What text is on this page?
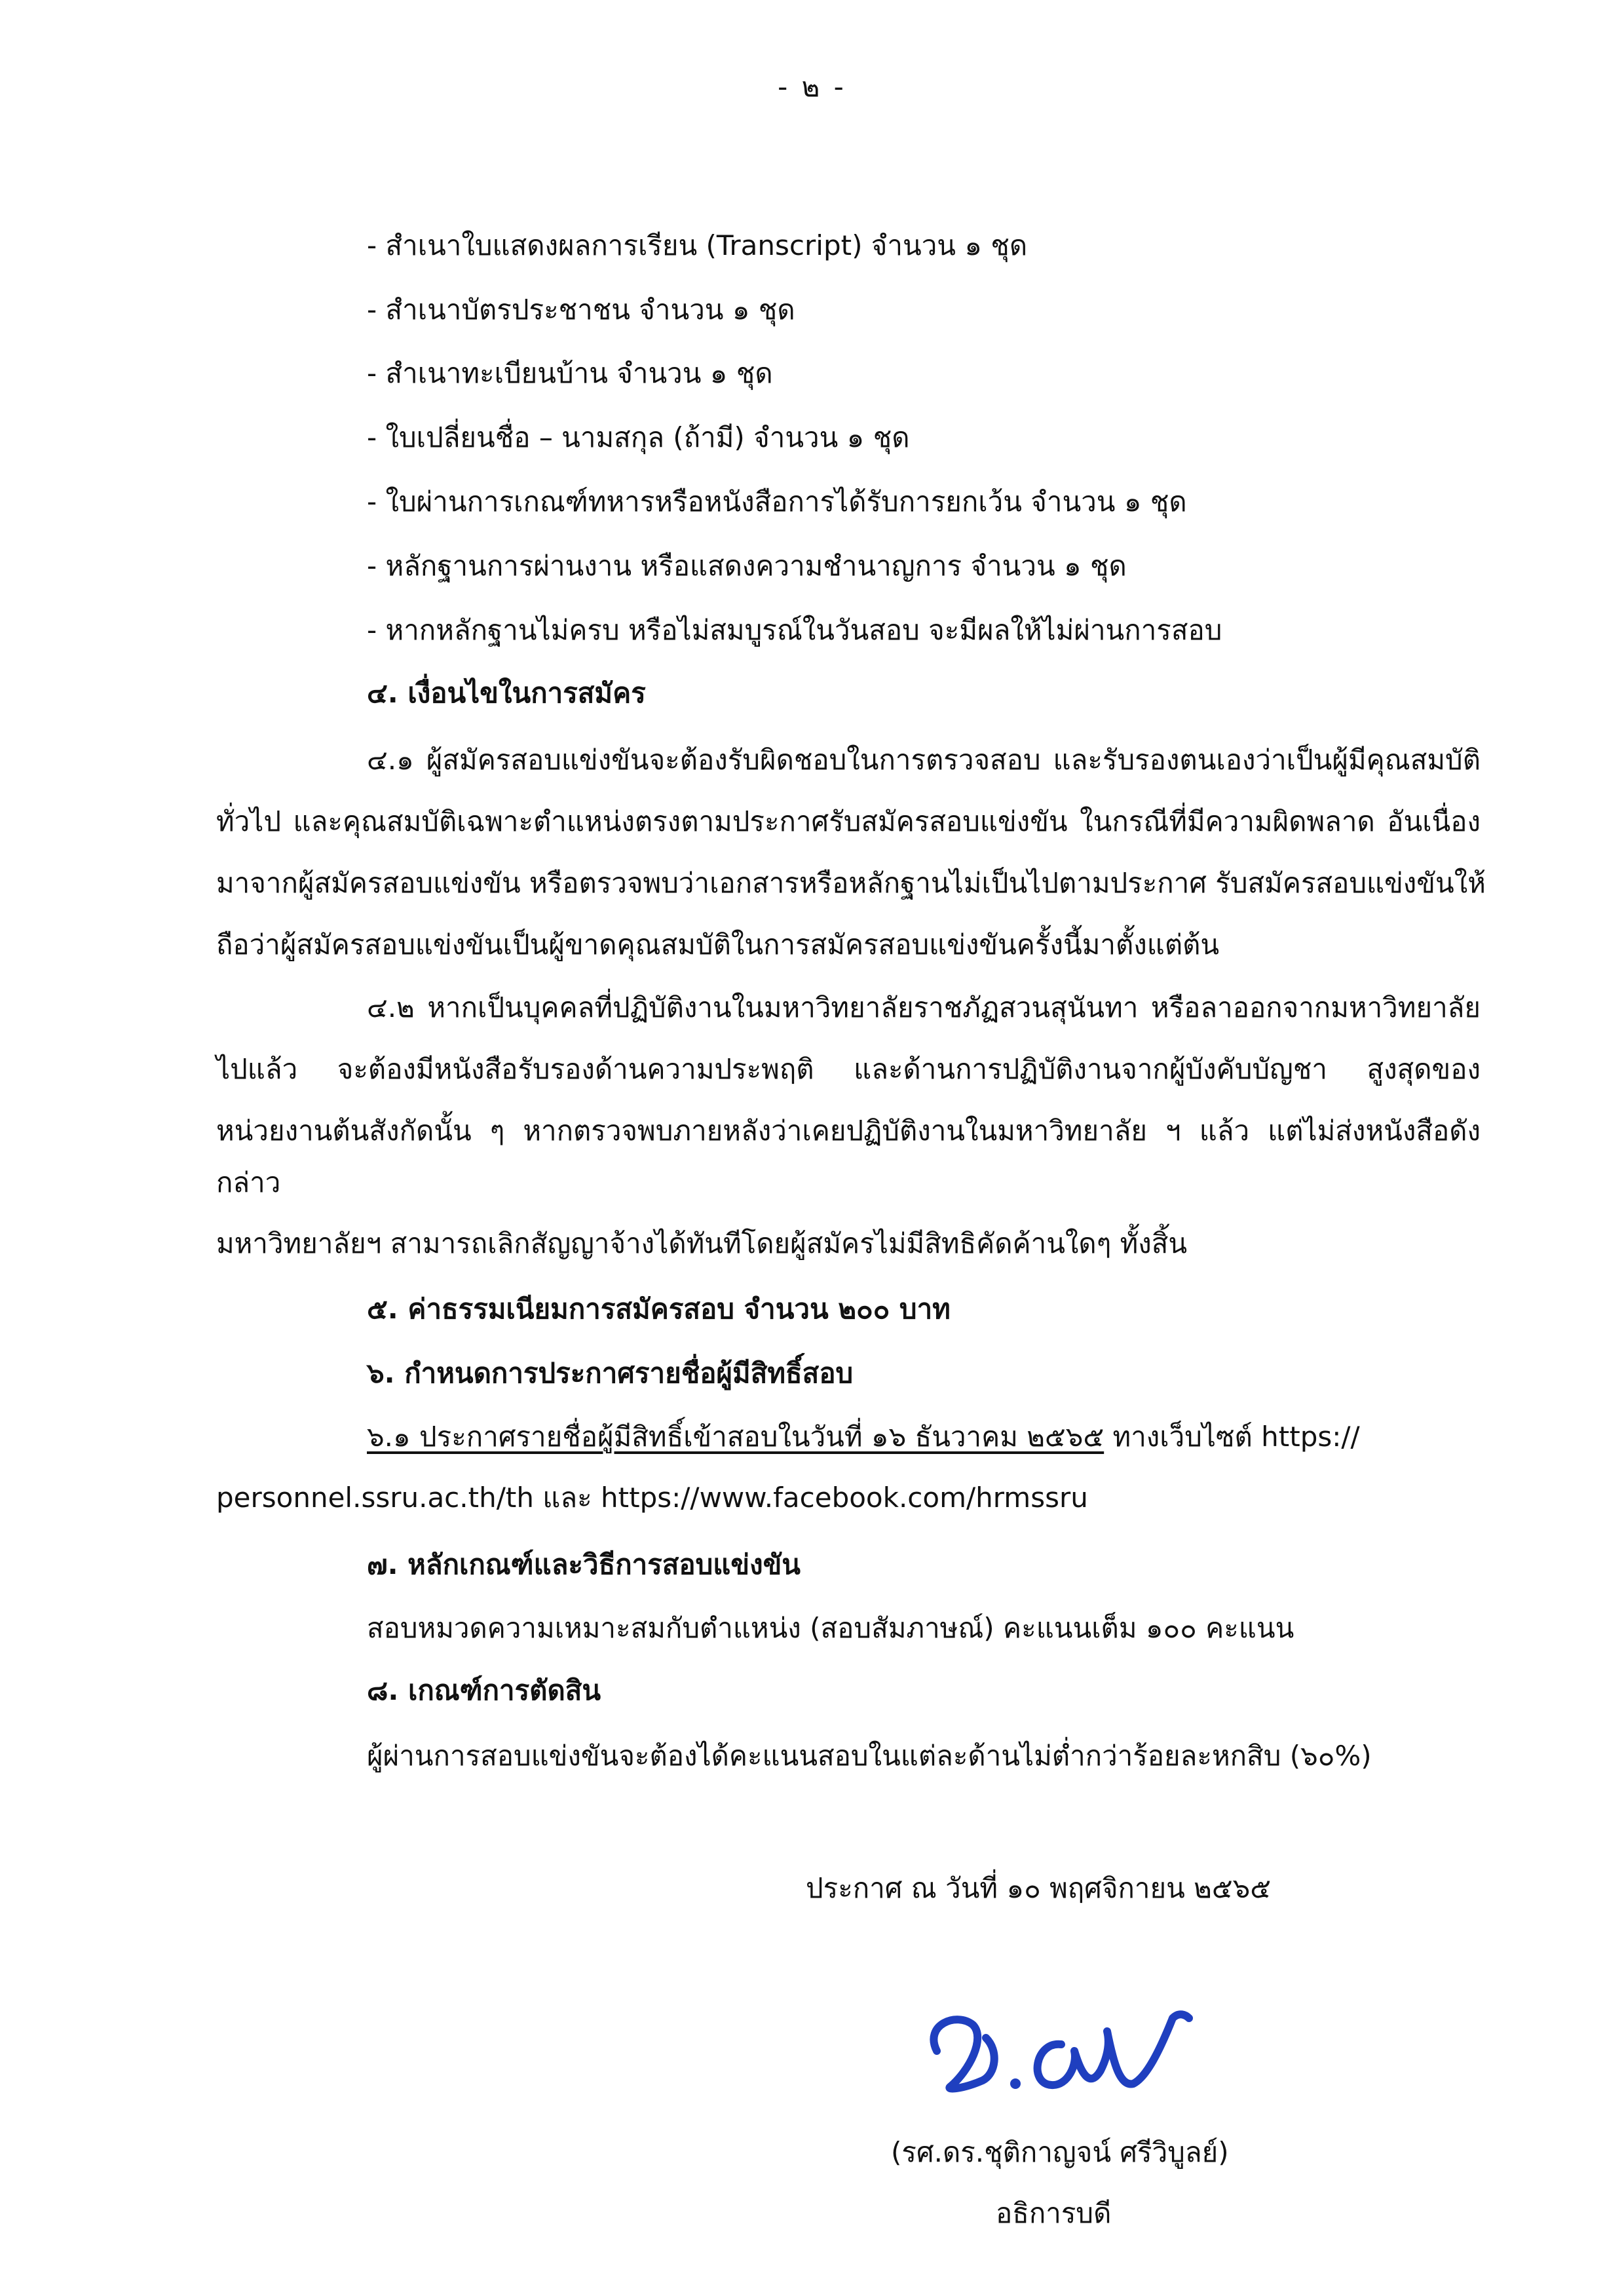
- ๒ -
- สำเนาใบแสดงผลการเรียน (Transcript) จำนวน ๑ ชุด
- สำเนาบัตรประชาชน จำนวน ๑ ชุด
- สำเนาทะเบียนบ้าน จำนวน ๑ ชุด
- ใบเปลี่ยนชื่อ – นามสกุล (ถ้ามี) จำนวน ๑ ชุด
- ใบผ่านการเกณฑ์ทหารหรือหนังสือการได้รับการยกเว้น จำนวน ๑ ชุด
- หลักฐานการผ่านงาน หรือแสดงความชำนาญการ จำนวน ๑ ชุด
- หากหลักฐานไม่ครบ หรือไม่สมบูรณ์ในวันสอบ จะมีผลให้ไม่ผ่านการสอบ
๔. เงื่อนไขในการสมัคร
๔.๑ ผู้สมัครสอบแข่งขันจะต้องรับผิดชอบในการตรวจสอบ และรับรองตนเองว่าเป็นผู้มีคุณสมบัติ
ทั่วไป และคุณสมบัติเฉพาะตำแหน่งตรงตามประกาศรับสมัครสอบแข่งขัน ในกรณีที่มีความผิดพลาด อันเนื่อง
มาจากผู้สมัครสอบแข่งขัน หรือตรวจพบว่าเอกสารหรือหลักฐานไม่เป็นไปตามประกาศ รับสมัครสอบแข่งขันให้
ถือว่าผู้สมัครสอบแข่งขันเป็นผู้ขาดคุณสมบัติในการสมัครสอบแข่งขันครั้งนี้มาตั้งแต่ต้น
๔.๒ หากเป็นบุคคลที่ปฏิบัติงานในมหาวิทยาลัยราชภัฏสวนสุนันทา หรือลาออกจากมหาวิทยาลัย
ไปแล้ว จะต้องมีหนังสือรับรองด้านความประพฤติ และด้านการปฏิบัติงานจากผู้บังคับบัญชา สูงสุดของ
หน่วยงานต้นสังกัดนั้น ๆ หากตรวจพบภายหลังว่าเคยปฏิบัติงานในมหาวิทยาลัย ฯ แล้ว แต่ไม่ส่งหนังสือดัง
กล่าว
มหาวิทยาลัยฯ สามารถเลิกสัญญาจ้างได้ทันทีโดยผู้สมัครไม่มีสิทธิคัดค้านใดๆ ทั้งสิ้น
๕. ค่าธรรมเนียมการสมัครสอบ จำนวน ๒๐๐ บาท
๖. กำหนดการประกาศรายชื่อผู้มีสิทธิ์สอบ
๖.๑ ประกาศรายชื่อผู้มีสิทธิ์เข้าสอบในวันที่ ๑๖ ธันวาคม ๒๕๖๕ ทางเว็บไซต์ https://
personnel.ssru.ac.th/th และ https://www.facebook.com/hrmssru
๗. หลักเกณฑ์และวิธีการสอบแข่งขัน
สอบหมวดความเหมาะสมกับตำแหน่ง (สอบสัมภาษณ์) คะแนนเต็ม ๑๐๐ คะแนน
๘. เกณฑ์การตัดสิน
ผู้ผ่านการสอบแข่งขันจะต้องได้คะแนนสอบในแต่ละด้านไม่ต่ำกว่าร้อยละหกสิบ (๖๐%)
ประกาศ ณ วันที่ ๑๐ พฤศจิกายน ๒๕๖๕
(รศ.ดร.ชุติกาญจน์ ศรีวิบูลย์)
อธิการบดี
